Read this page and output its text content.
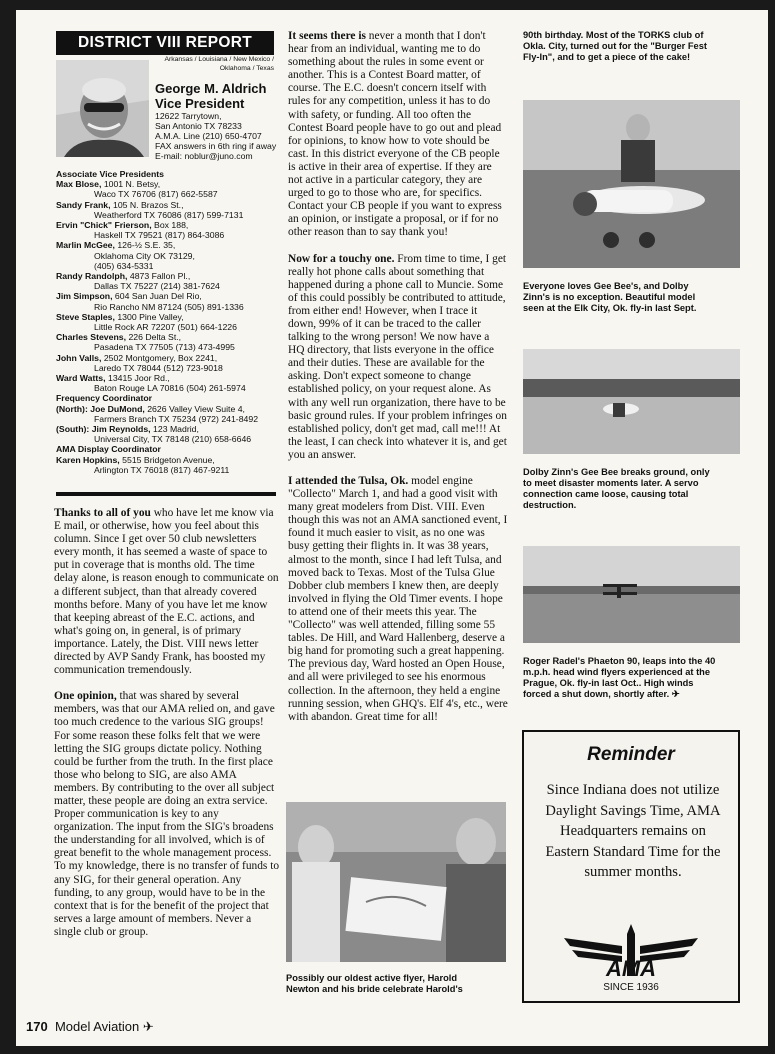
DISTRICT VIII REPORT
Arkansas / Louisiana / New Mexico /
Oklahoma / Texas
George M. Aldrich
Vice President
12622 Tarrytown,
San Antonio TX 78233
A.M.A. Line (210) 650-4707
FAX answers in 6th ring if away
E-mail: noblur@juno.com
Associate Vice Presidents
Max Blose, 1001 N. Betsy,
Waco TX 76706 (817) 662-5587
Sandy Frank, 105 N. Brazos St.,
Weatherford TX 76086 (817) 599-7131
Ervin "Chick" Frierson, Box 188,
Haskell TX 79521 (817) 864-3086
Marlin McGee, 126-½ S.E. 35,
Oklahoma City OK 73129,
(405) 634-5331
Randy Randolph, 4873 Fallon Pl.,
Dallas TX 75227 (214) 381-7624
Jim Simpson, 604 San Juan Del Rio,
Rio Rancho NM 87124 (505) 891-1336
Steve Staples, 1300 Pine Valley,
Little Rock AR 72207 (501) 664-1226
Charles Stevens, 226 Delta St.,
Pasadena TX 77505 (713) 473-4995
John Valls, 2502 Montgomery, Box 2241,
Laredo TX 78044 (512) 723-9018
Ward Watts, 13415 Joor Rd.,
Baton Rouge LA 70816 (504) 261-5974
Frequency Coordinator
(North): Joe DuMond, 2626 Valley View Suite 4,
Farmers Branch TX 75234 (972) 241-8492
(South): Jim Reynolds, 123 Madrid,
Universal City, TX 78148 (210) 658-6646
AMA Display Coordinator
Karen Hopkins, 5515 Bridgeton Avenue,
Arlington TX 76018 (817) 467-9211

Thanks to all of you who have let me know via E mail, or otherwise, how you feel about this column. Since I get over 50 club newsletters every month, it has seemed a waste of space to put in coverage that is months old. The time delay alone, is reason enough to communicate on a different subject, than that already covered months before. Many of you have let me know that keeping abreast of the E.C. actions, and what's going on, in general, is of primary importance. Lately, the Dist. VIII news letter directed by AVP Sandy Frank, has boosted my communication tremendously.

One opinion, that was shared by several members, was that our AMA relied on, and gave too much credence to the various SIG groups! For some reason these folks felt that we were letting the SIG groups dictate policy. Nothing could be further from the truth. In the first place those who belong to SIG, are also AMA members. By contributing to the over all subject matter, these people are doing an extra service. Proper communication is key to any organization. The input from the SIG's broadens the understanding for all involved, which is of great benefit to the whole management process. To my knowledge, there is no transfer of funds to any SIG, for their general operation. Any funding, to any group, would have to be in the context that is for the benefit of the project that serves a large amount of members. Never a single club or group.

It seems there is never a month that I don't hear from an individual, wanting me to do something about the rules in some event or another. This is a Contest Board matter, of course. The E.C. doesn't concern itself with rules for any competition, unless it has to do with safety, or funding. All too often the Contest Board people have to go out and plead for opinions, to know how to vote should be cast. In this district everyone of the CB people is active in their area of expertise. If they are not active in a particular category, they are urged to go to those who are, for specifics. Contact your CB people if you want to express an opinion, or instigate a proposal, or if for no other reason than to say thank you!

Now for a touchy one. From time to time, I get really hot phone calls about something that happened during a phone call to Muncie. Some of this could possibly be contributed to attitude, from either end! However, when I trace it down, 99% of it can be traced to the caller talking to the wrong person! We now have a HQ directory, that lists everyone in the office and their duties. These are available for the asking. Don't expect someone to change established policy, on your request alone. As with any well run organization, there have to be basic ground rules. If your problem infringes on established policy, don't get mad, call me!!! At the least, I can check into whatever it is, and get you an answer.

I attended the Tulsa, Ok. model engine "Collecto" March 1, and had a good visit with many great modelers from Dist. VIII. Even though this was not an AMA sanctioned event, I found it much easier to visit, as no one was busy getting their flights in. It was 38 years, almost to the month, since I had left Tulsa, and moved back to Texas. Most of the Tulsa Glue Dobber club members I knew then, are deeply involved in flying the Old Timer events. I hope to attend one of their meets this year. The "Collecto" was well attended, filling some 55 tables. De Hill, and Ward Hallenberg, deserve a big hand for promoting such a great happening. The previous day, Ward hosted an Open House, and all were privileged to see his enormous collection. In the afternoon, they held a engine running session, when GHQ's. Elf 4's, etc., were with abandon. Great time for all!

Possibly our oldest active flyer, Harold
Newton and his bride celebrate Harold's
90th birthday. Most of the TORKS club of
Okla. City, turned out for the "Burger Fest
Fly-In", and to get a piece of the cake!
Everyone loves Gee Bee's, and Dolby
Zinn's is no exception. Beautiful model
seen at the Elk City, Ok. fly-in last Sept.
Dolby Zinn's Gee Bee breaks ground, only
to meet disaster moments later. A servo
connection came loose, causing total
destruction.
Roger Radel's Phaeton 90, leaps into the 40
m.p.h. head wind flyers experienced at the
Prague, Ok. fly-in last Oct.. High winds
forced a shut down, shortly after. ✈
Reminder
Since Indiana does not utilize Daylight Savings Time, AMA Headquarters remains on Eastern Standard Time for the summer months.
AMA
SINCE 1936
170 Model Aviation ✈
